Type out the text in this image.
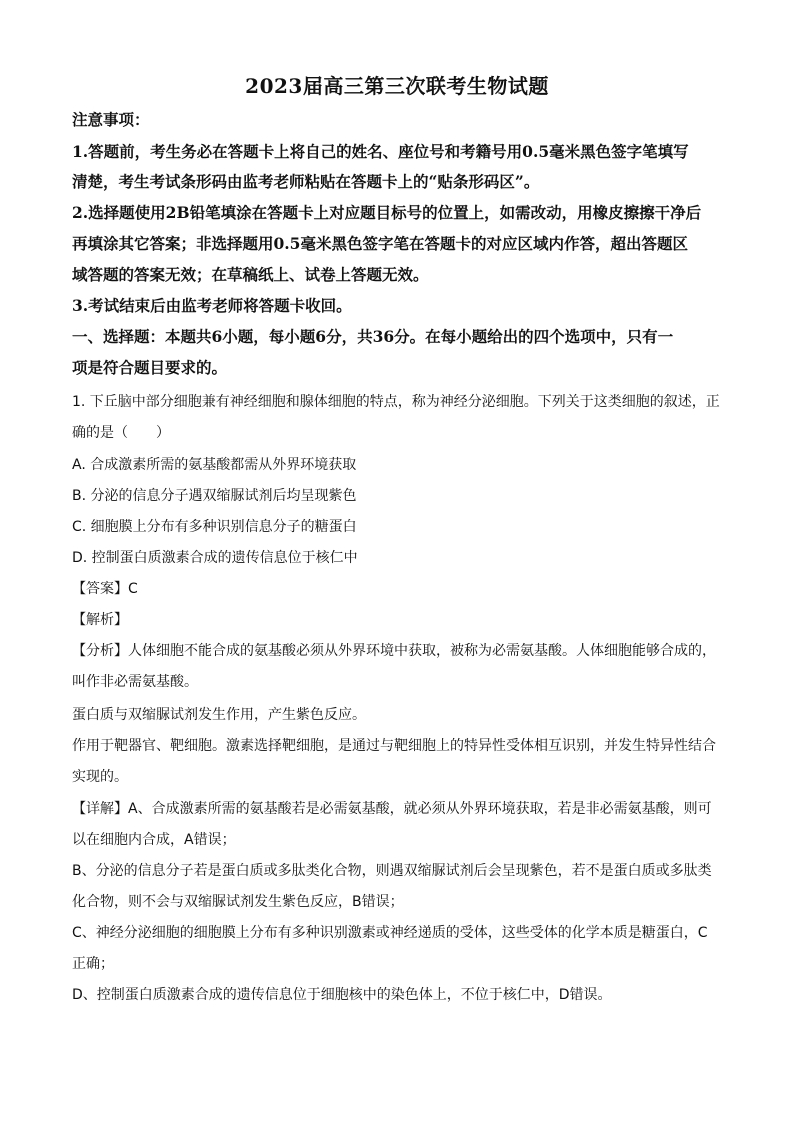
2023届高三第三次联考生物试题
注意事项：
1.答题前，考生务必在答题卡上将自己的姓名、座位号和考籍号用0.5毫米黑色签字笔填写
清楚，考生考试条形码由监考老师粘贴在答题卡上的“贴条形码区”。
2.选择题使用2B铅笔填涂在答题卡上对应题目标号的位置上，如需改动，用橡皮擦擦干净后
再填涂其它答案；非选择题用0.5毫米黑色签字笔在答题卡的对应区域内作答，超出答题区
域答题的答案无效；在草稿纸上、试卷上答题无效。
3.考试结束后由监考老师将答题卡收回。
一、选择题：本题共6小题，每小题6分，共36分。在每小题给出的四个选项中，只有一
项是符合题目要求的。
1. 下丘脑中部分细胞兼有神经细胞和腺体细胞的特点，称为神经分泌细胞。下列关于这类细胞的叙述，正
确的是（　　）
A. 合成激素所需的氨基酸都需从外界环境获取
B. 分泌的信息分子遇双缩脲试剂后均呈现紫色
C. 细胞膜上分布有多种识别信息分子的糖蛋白
D. 控制蛋白质激素合成的遗传信息位于核仁中
【答案】C
【解析】
【分析】人体细胞不能合成的氨基酸必须从外界环境中获取，被称为必需氨基酸。人体细胞能够合成的，
叫作非必需氨基酸。
蛋白质与双缩脲试剂发生作用，产生紫色反应。
作用于靶器官、靶细胞。激素选择靶细胞，是通过与靶细胞上的特异性受体相互识别，并发生特异性结合
实现的。
【详解】A、合成激素所需的氨基酸若是必需氨基酸，就必须从外界环境获取，若是非必需氨基酸，则可
以在细胞内合成，A错误；
B、分泌的信息分子若是蛋白质或多肽类化合物，则遇双缩脲试剂后会呈现紫色，若不是蛋白质或多肽类
化合物，则不会与双缩脲试剂发生紫色反应，B错误；
C、神经分泌细胞的细胞膜上分布有多种识别激素或神经递质的受体，这些受体的化学本质是糖蛋白，C
正确；
D、控制蛋白质激素合成的遗传信息位于细胞核中的染色体上，不位于核仁中，D错误。
